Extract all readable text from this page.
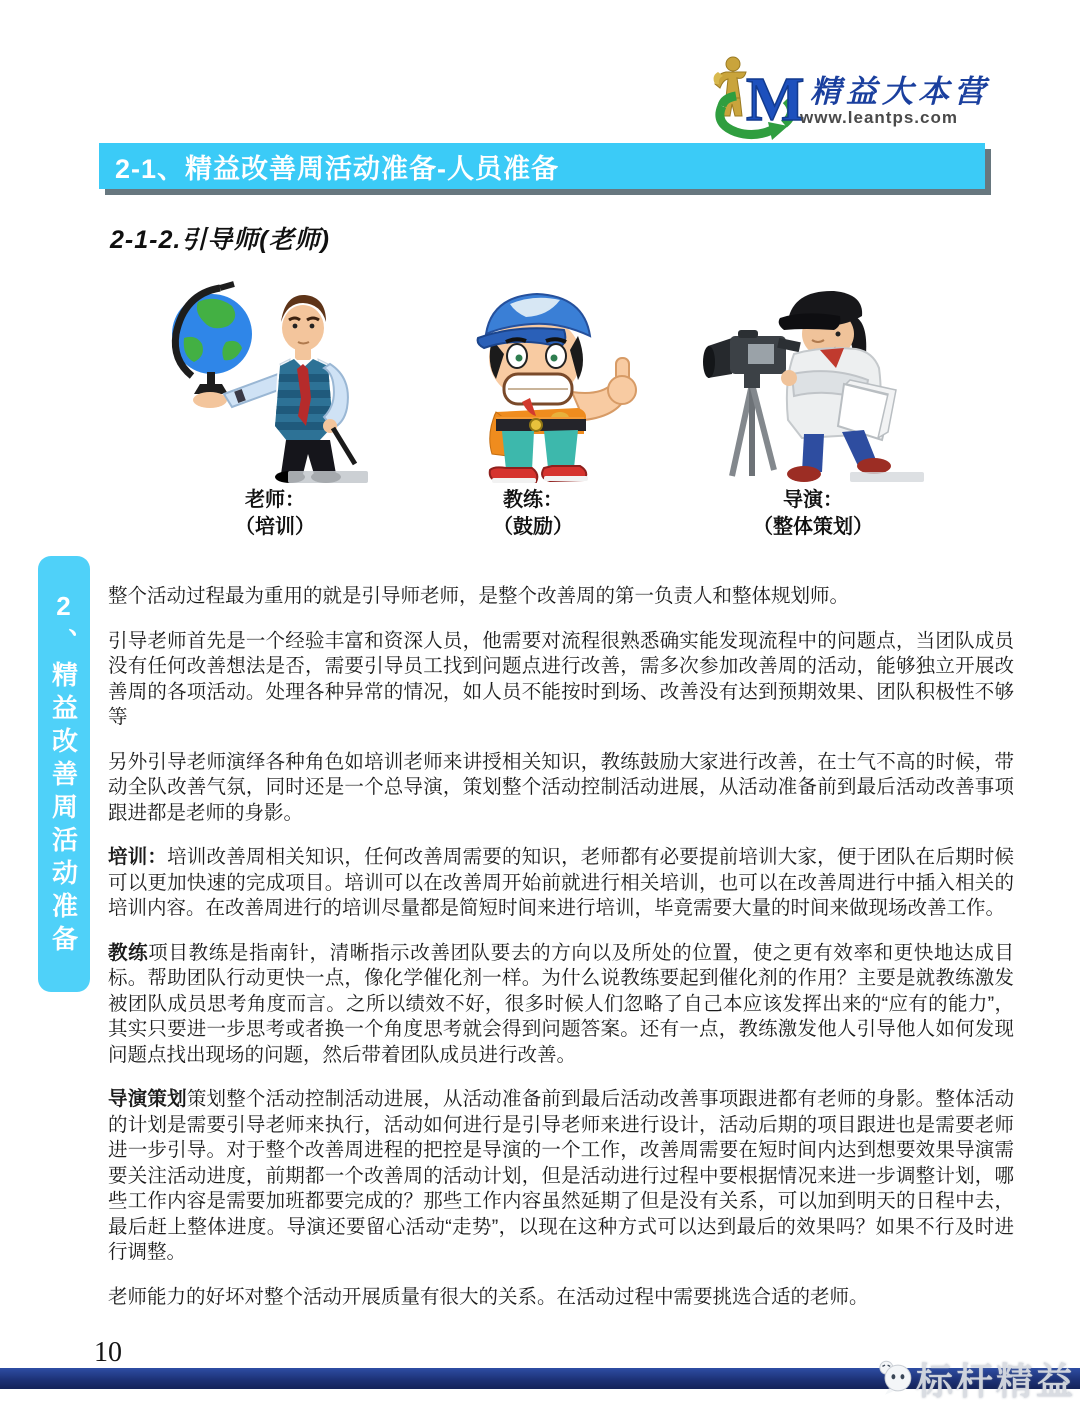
M 精益大本营
www.leantps.com
2-1、精益改善周活动准备-人员准备
2-1-2.引导师(老师)
老师：
（培训）
教练：
（鼓励）
导演：
（整体策划）
2、精益改善周活动准备 整个活动过程最为重用的就是引导师老师，是整个改善周的第一负责人和整体规划师。

引导老师首先是一个经验丰富和资深人员，他需要对流程很熟悉确实能发现流程中的问题点，当团队成员没有任何改善想法是否，需要引导员工找到问题点进行改善，需多次参加改善周的活动，能够独立开展改善周的各项活动。处理各种异常的情况，如人员不能按时到场、改善没有达到预期效果、团队积极性不够等

另外引导老师演绎各种角色如培训老师来讲授相关知识，教练鼓励大家进行改善，在士气不高的时候，带动全队改善气氛，同时还是一个总导演，策划整个活动控制活动进展，从活动准备前到最后活动改善事项跟进都是老师的身影。

培训：培训改善周相关知识，任何改善周需要的知识，老师都有必要提前培训大家，便于团队在后期时候可以更加快速的完成项目。培训可以在改善周开始前就进行相关培训，也可以在改善周进行中插入相关的培训内容。在改善周进行的培训尽量都是简短时间来进行培训，毕竟需要大量的时间来做现场改善工作。

教练项目教练是指南针，清晰指示改善团队要去的方向以及所处的位置，使之更有效率和更快地达成目标。帮助团队行动更快一点，像化学催化剂一样。为什么说教练要起到催化剂的作用？主要是就教练激发被团队成员思考角度而言。之所以绩效不好，很多时候人们忽略了自己本应该发挥出来的“应有的能力”，其实只要进一步思考或者换一个角度思考就会得到问题答案。还有一点，教练激发他人引导他人如何发现问题点找出现场的问题，然后带着团队成员进行改善。

导演策划策划整个活动控制活动进展，从活动准备前到最后活动改善事项跟进都有老师的身影。整体活动的计划是需要引导老师来执行，活动如何进行是引导老师来进行设计，活动后期的项目跟进也是需要老师进一步引导。对于整个改善周进程的把控是导演的一个工作，改善周需要在短时间内达到想要效果导演需要关注活动进度，前期都一个改善周的活动计划，但是活动进行过程中要根据情况来进一步调整计划，哪些工作内容是需要加班都要完成的？那些工作内容虽然延期了但是没有关系，可以加到明天的日程中去，最后赶上整体进度。导演还要留心活动“走势”，以现在这种方式可以达到最后的效果吗？如果不行及时进行调整。

老师能力的好坏对整个活动开展质量有很大的关系。在活动过程中需要挑选合适的老师。

10
标杆精益
